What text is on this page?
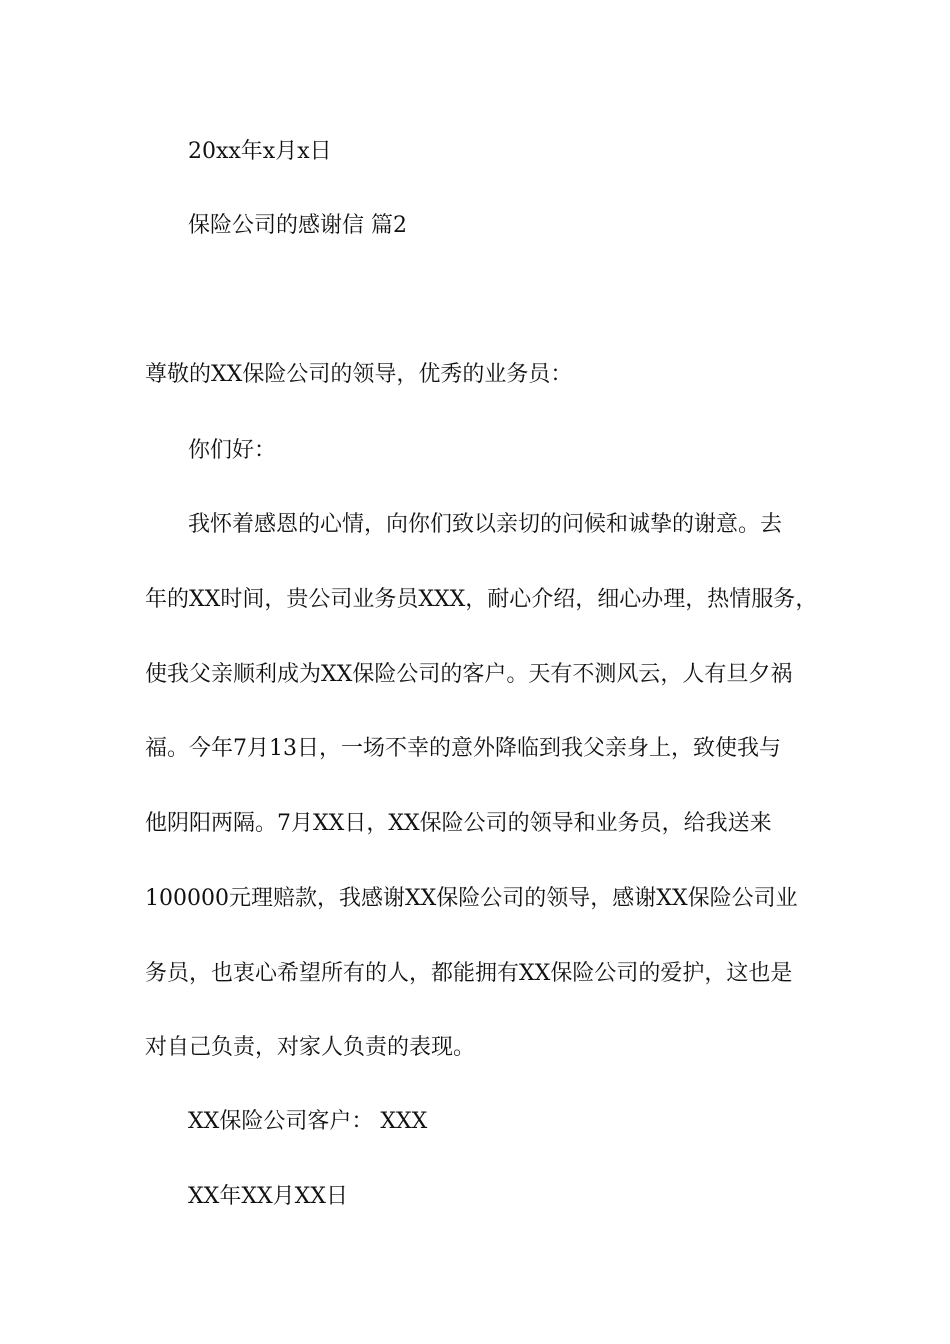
20xx年x月x日

保险公司的感谢信 篇2

尊敬的XX保险公司的领导，优秀的业务员：

你们好：

我怀着感恩的心情，向你们致以亲切的问候和诚挚的谢意。去

年的XX时间，贵公司业务员XXX，耐心介绍，细心办理，热情服务，

使我父亲顺利成为XX保险公司的客户。天有不测风云，人有旦夕祸

福。今年7月13日，一场不幸的意外降临到我父亲身上，致使我与

他阴阳两隔。7月XX日，XX保险公司的领导和业务员，给我送来

100000元理赔款，我感谢XX保险公司的领导，感谢XX保险公司业

务员，也衷心希望所有的人，都能拥有XX保险公司的爱护，这也是

对自己负责，对家人负责的表现。

XX保险公司客户： XXX

XX年XX月XX日
